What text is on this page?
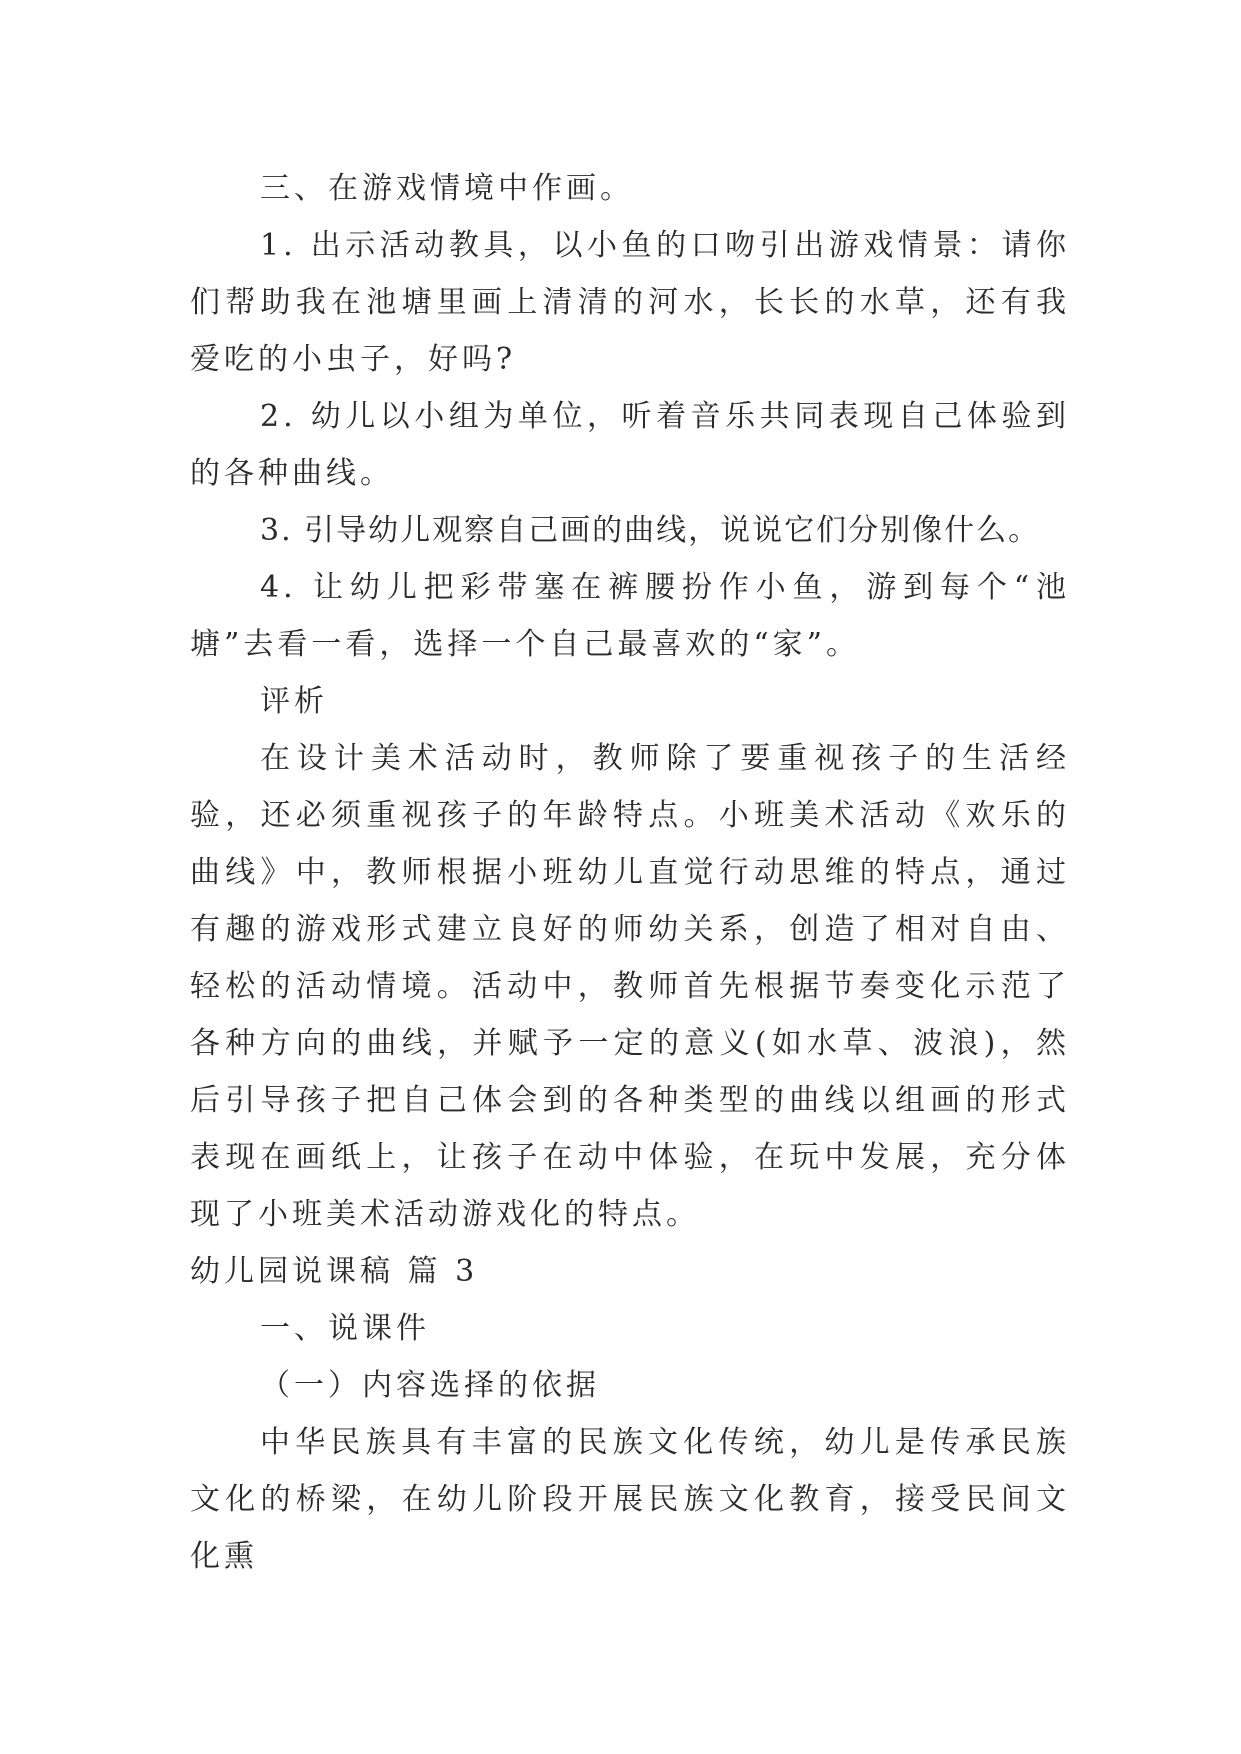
三、在游戏情境中作画。

1. 出示活动教具，以小鱼的口吻引出游戏情景：请你们帮助我在池塘里画上清清的河水，长长的水草，还有我爱吃的小虫子，好吗?

2. 幼儿以小组为单位，听着音乐共同表现自己体验到的各种曲线。

3. 引导幼儿观察自己画的曲线，说说它们分别像什么。

4. 让幼儿把彩带塞在裤腰扮作小鱼，游到每个“池塘”去看一看，选择一个自己最喜欢的“家”。

评析

在设计美术活动时，教师除了要重视孩子的生活经验，还必须重视孩子的年龄特点。小班美术活动《欢乐的曲线》中，教师根据小班幼儿直觉行动思维的特点，通过有趣的游戏形式建立良好的师幼关系，创造了相对自由、轻松的活动情境。活动中，教师首先根据节奏变化示范了各种方向的曲线，并赋予一定的意义(如水草、波浪)，然后引导孩子把自己体会到的各种类型的曲线以组画的形式表现在画纸上，让孩子在动中体验，在玩中发展，充分体现了小班美术活动游戏化的特点。

幼儿园说课稿 篇 3

一、说课件

（一）内容选择的依据

中华民族具有丰富的民族文化传统，幼儿是传承民族文化的桥梁，在幼儿阶段开展民族文化教育，接受民间文化熏
